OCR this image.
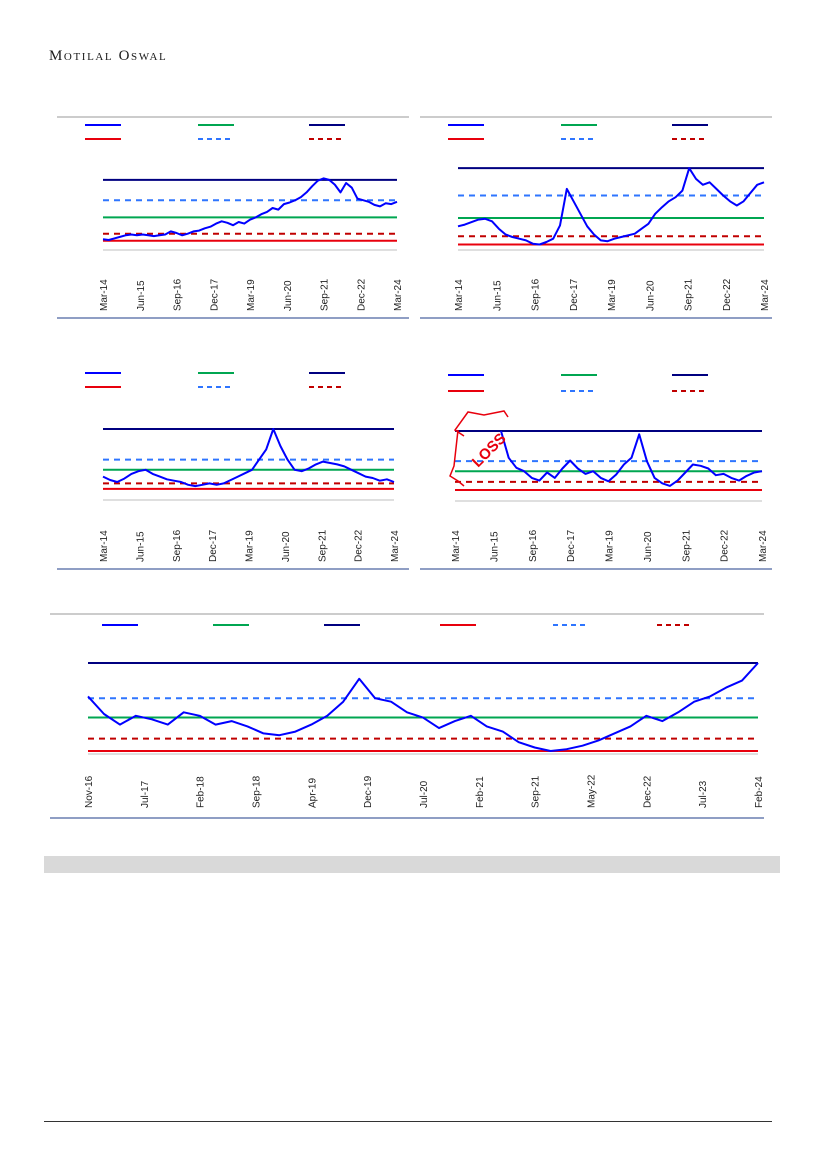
Motilal Oswal
Mar-14	Jun-15	Sep-16	Dec-17	Mar-19	Jun-20	Sep-21	Dec-22	Mar-24	Mar-14	Jun-15	Sep-16	Dec-17	Mar-19	Jun-20	Sep-21	Dec-22	Mar-24
Mar-14	Jun-15	Sep-16	Dec-17	Mar-19	Jun-20	Sep-21	Dec-22	Mar-24	Mar-14	Jun-15	Sep-16	Dec-17	Mar-19	Jun-20	Sep-21	Dec-22	Mar-24
LOSS
Nov-16	Jul-17	Feb-18	Sep-18	Apr-19	Dec-19	Jul-20	Feb-21	Sep-21	May-22	Dec-22	Jul-23	Feb-24
